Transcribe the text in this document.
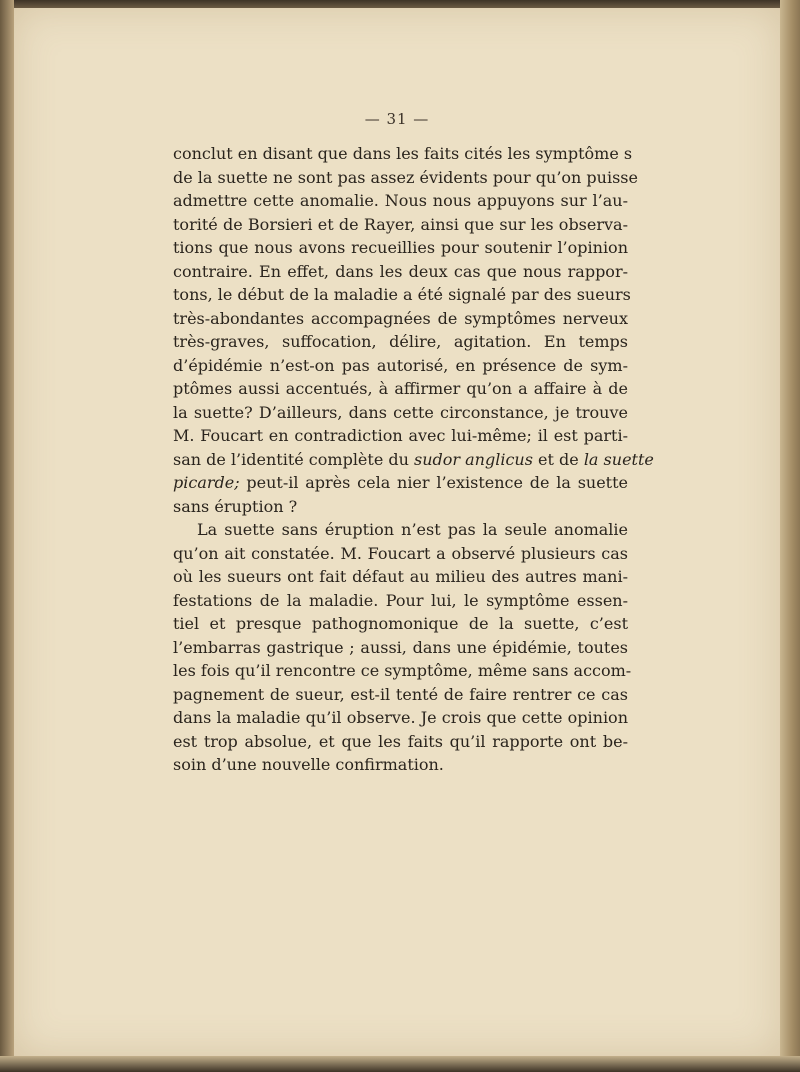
— 31 —
conclut en disant que dans les faits cités les symptôme s
de la suette ne sont pas assez évidents pour qu’on puisse
admettre cette anomalie. Nous nous appuyons sur l’au-
torité de Borsieri et de Rayer, ainsi que sur les observa-
tions que nous avons recueillies pour soutenir l’opinion
contraire. En effet, dans les deux cas que nous rappor-
tons, le début de la maladie a été signalé par des sueurs
très-abondantes accompagnées de symptômes nerveux
très-graves, suffocation, délire, agitation. En temps
d’épidémie n’est-on pas autorisé, en présence de sym-
ptômes aussi accentués, à affirmer qu’on a affaire à de
la suette? D’ailleurs, dans cette circonstance, je trouve
M. Foucart en contradiction avec lui-même; il est parti-
san de l’identité complète du sudor anglicus et de la suette
picarde; peut-il après cela nier l’existence de la suette
sans éruption ?
La suette sans éruption n’est pas la seule anomalie
qu’on ait constatée. M. Foucart a observé plusieurs cas
où les sueurs ont fait défaut au milieu des autres mani-
festations de la maladie. Pour lui, le symptôme essen-
tiel et presque pathognomonique de la suette, c’est
l’embarras gastrique ; aussi, dans une épidémie, toutes
les fois qu’il rencontre ce symptôme, même sans accom-
pagnement de sueur, est-il tenté de faire rentrer ce cas
dans la maladie qu’il observe. Je crois que cette opinion
est trop absolue, et que les faits qu’il rapporte ont be-
soin d’une nouvelle confirmation.
